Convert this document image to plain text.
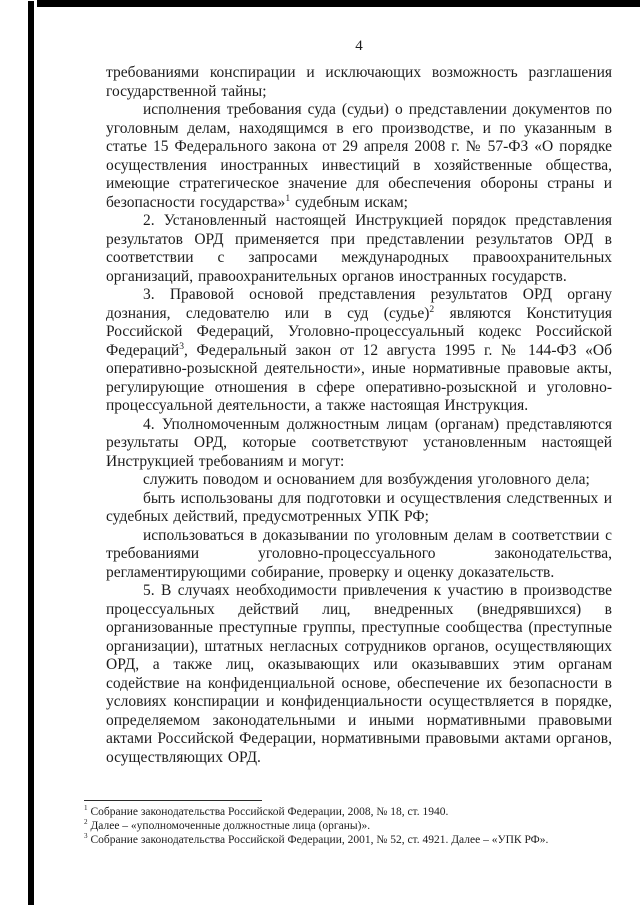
4

требованиями конспирации и исключающих возможность разглашения государственной тайны;

исполнения требования суда (судьи) о представлении документов по уголовным делам, находящимся в его производстве, и по указанным в статье 15 Федерального закона от 29 апреля 2008 г. № 57-ФЗ «О порядке осуществления иностранных инвестиций в хозяйственные общества, имеющие стратегическое значение для обеспечения обороны страны и безопасности государства»$^1$ судебным искам;

2. Установленный настоящей Инструкцией порядок представления результатов ОРД применяется при представлении результатов ОРД в соответствии с запросами международных правоохранительных организаций, правоохранительных органов иностранных государств.

3. Правовой основой представления результатов ОРД органу дознания, следователю или в суд (судье)$^2$ являются Конституция Российской Федераций, Уголовно-процессуальный кодекс Российской Федераций$^3$, Федеральный закон от 12 августа 1995 г. № 144-ФЗ «Об оперативно-розыскной деятельности», иные нормативные правовые акты, регулирующие отношения в сфере оперативно-розыскной и уголовно-процессуальной деятельности, а также настоящая Инструкция.

4. Уполномоченным должностным лицам (органам) представляются результаты ОРД, которые соответствуют установленным настоящей Инструкцией требованиям и могут:

служить поводом и основанием для возбуждения уголовного дела;

быть использованы для подготовки и осуществления следственных и судебных действий, предусмотренных УПК РФ;

использоваться в доказывании по уголовным делам в соответствии с требованиями уголовно-процессуального законодательства, регламентирующими собирание, проверку и оценку доказательств.

5. В случаях необходимости привлечения к участию в производстве процессуальных действий лиц, внедренных (внедрявшихся) в организованные преступные группы, преступные сообщества (преступные организации), штатных негласных сотрудников органов, осуществляющих ОРД, а также лиц, оказывающих или оказывавших этим органам содействие на конфиденциальной основе, обеспечение их безопасности в условиях конспирации и конфиденциальности осуществляется в порядке, определяемом законодательными и иными нормативными правовыми актами Российской Федерации, нормативными правовыми актами органов, осуществляющих ОРД.

$^1$ Собрание законодательства Российской Федерации, 2008, № 18, ст. 1940.

$^2$ Далее – «уполномоченные должностные лица (органы)».

$^3$ Собрание законодательства Российской Федерации, 2001, № 52, ст. 4921. Далее – «УПК РФ».
